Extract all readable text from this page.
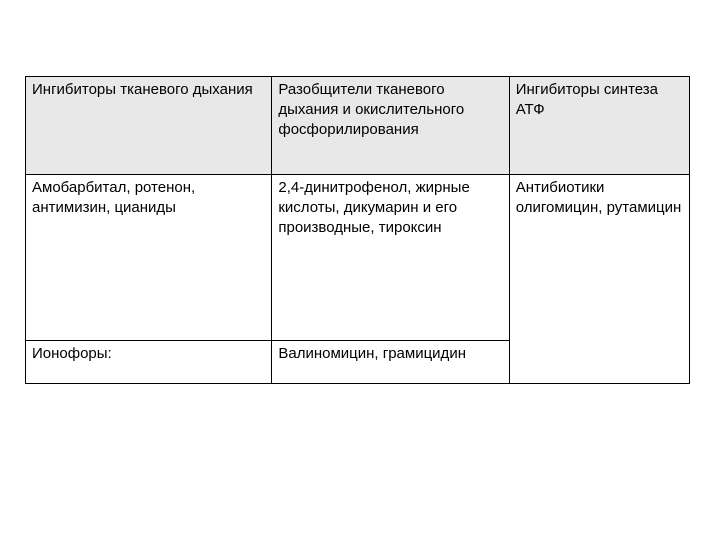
Ингибиторы тканевого дыхания	Разобщители тканевого дыхания и окислительного фосфорилирования	Ингибиторы синтеза АТФ
Амобарбитал, ротенон, антимизин, цианиды	2,4-динитрофенол, жирные кислоты, дикумарин и его производные, тироксин	Антибиотики олигомицин, рутамицин
Ионофоры:	Валиномицин, грамицидин	
